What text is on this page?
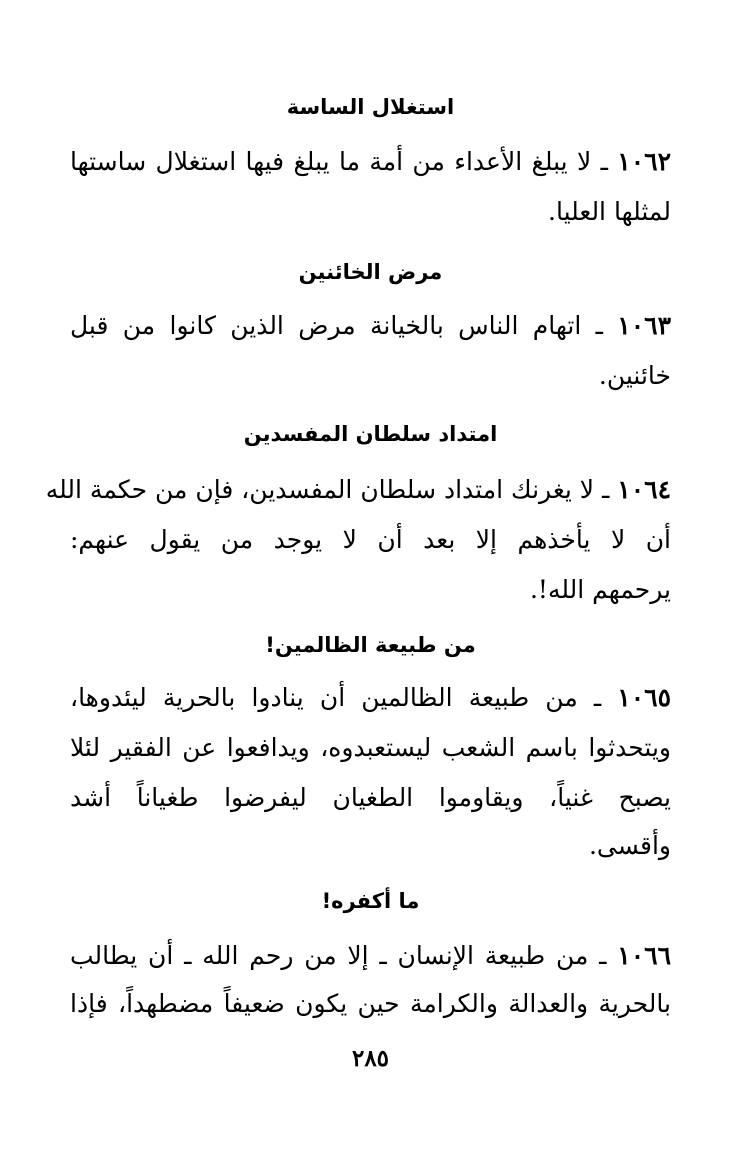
استغلال الساسة
١٠٦٢ ـ لا يبلغ الأعداء من أمة ما يبلغ فيها استغلال ساستها
لمثلها العليا.
مرض الخائنين
١٠٦٣ ـ اتهام الناس بالخيانة مرض الذين كانوا من قبل
خائنين.
امتداد سلطان المفسدين
١٠٦٤ ـ لا يغرنك امتداد سلطان المفسدين، فإن من حكمة الله
أن لا يأخذهم إلا بعد أن لا يوجد من يقول عنهم:
يرحمهم الله!.
من طبيعة الظالمين!
١٠٦٥ ـ من طبيعة الظالمين أن ينادوا بالحرية ليئدوها،
ويتحدثوا باسم الشعب ليستعبدوه، ويدافعوا عن الفقير لئلا
يصبح غنياً، ويقاوموا الطغيان ليفرضوا طغياناً أشد
وأقسى.
ما أكفره!
١٠٦٦ ـ من طبيعة الإنسان ـ إلا من رحم الله ـ أن يطالب
بالحرية والعدالة والكرامة حين يكون ضعيفاً مضطهداً، فإذا
٢٨٥
